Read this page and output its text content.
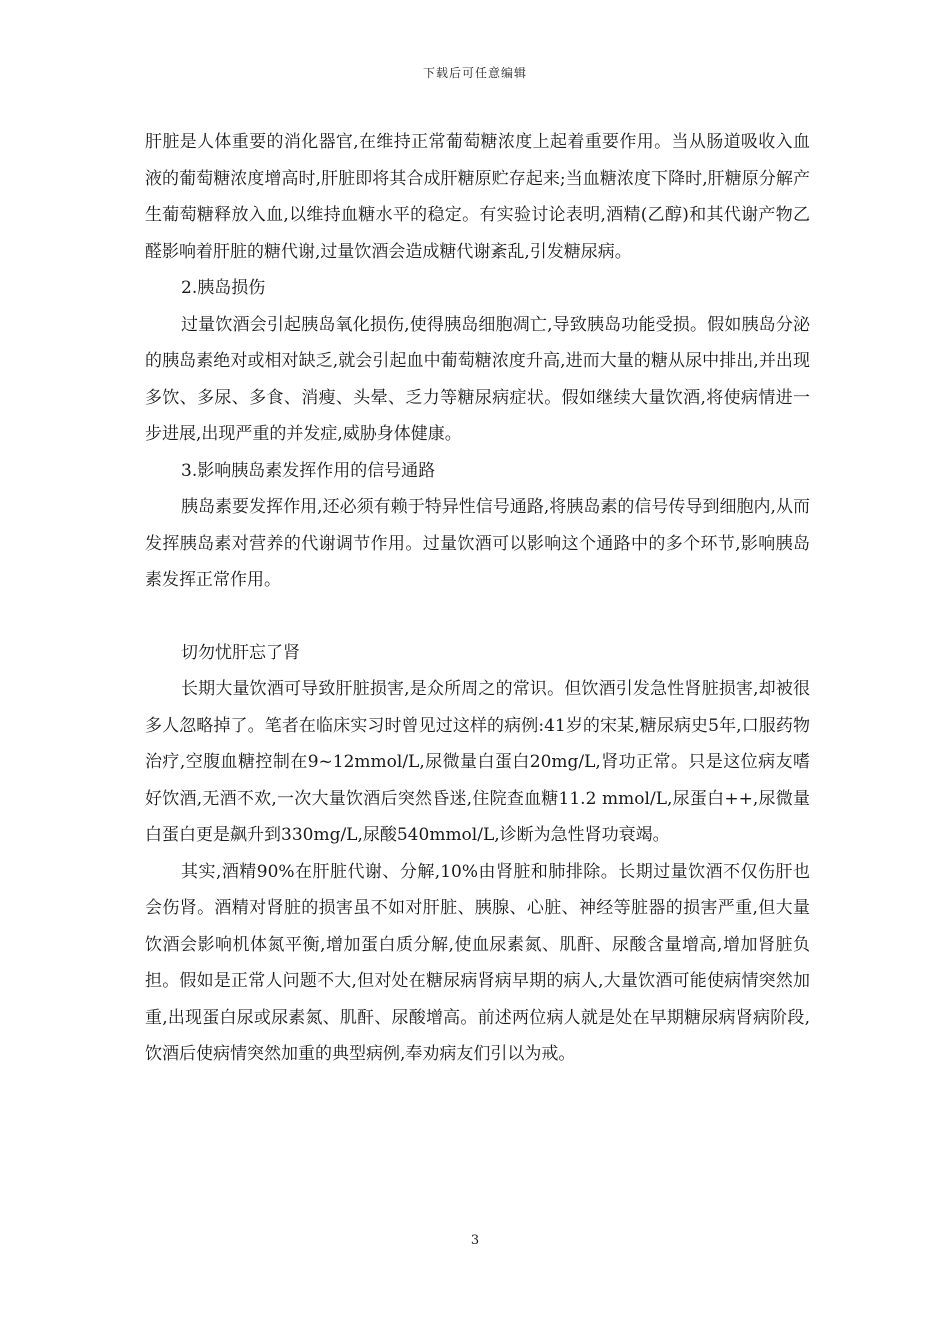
下载后可任意编辑

肝脏是人体重要的消化器官,在维持正常葡萄糖浓度上起着重要作用。当从肠道吸收入血液的葡萄糖浓度增高时,肝脏即将其合成肝糖原贮存起来;当血糖浓度下降时,肝糖原分解产生葡萄糖释放入血,以维持血糖水平的稳定。有实验讨论表明,酒精(乙醇)和其代谢产物乙醛影响着肝脏的糖代谢,过量饮酒会造成糖代谢紊乱,引发糖尿病。

2.胰岛损伤

过量饮酒会引起胰岛氧化损伤,使得胰岛细胞凋亡,导致胰岛功能受损。假如胰岛分泌的胰岛素绝对或相对缺乏,就会引起血中葡萄糖浓度升高,进而大量的糖从尿中排出,并出现多饮、多尿、多食、消瘦、头晕、乏力等糖尿病症状。假如继续大量饮酒,将使病情进一步进展,出现严重的并发症,威胁身体健康。

3.影响胰岛素发挥作用的信号通路

胰岛素要发挥作用,还必须有赖于特异性信号通路,将胰岛素的信号传导到细胞内,从而发挥胰岛素对营养的代谢调节作用。过量饮酒可以影响这个通路中的多个环节,影响胰岛素发挥正常作用。

切勿忧肝忘了肾

长期大量饮酒可导致肝脏损害,是众所周之的常识。但饮酒引发急性肾脏损害,却被很多人忽略掉了。笔者在临床实习时曾见过这样的病例:41岁的宋某,糖尿病史5年,口服药物治疗,空腹血糖控制在9~12mmol/L,尿微量白蛋白20mg/L,肾功正常。只是这位病友嗜好饮酒,无酒不欢,一次大量饮酒后突然昏迷,住院查血糖11.2 mmol/L,尿蛋白++,尿微量白蛋白更是飙升到330mg/L,尿酸540mmol/L,诊断为急性肾功衰竭。

其实,酒精90%在肝脏代谢、分解,10%由肾脏和肺排除。长期过量饮酒不仅伤肝也会伤肾。酒精对肾脏的损害虽不如对肝脏、胰腺、心脏、神经等脏器的损害严重,但大量饮酒会影响机体氮平衡,增加蛋白质分解,使血尿素氮、肌酐、尿酸含量增高,增加肾脏负担。假如是正常人问题不大,但对处在糖尿病肾病早期的病人,大量饮酒可能使病情突然加重,出现蛋白尿或尿素氮、肌酐、尿酸增高。前述两位病人就是处在早期糖尿病肾病阶段,饮酒后使病情突然加重的典型病例,奉劝病友们引以为戒。

3
